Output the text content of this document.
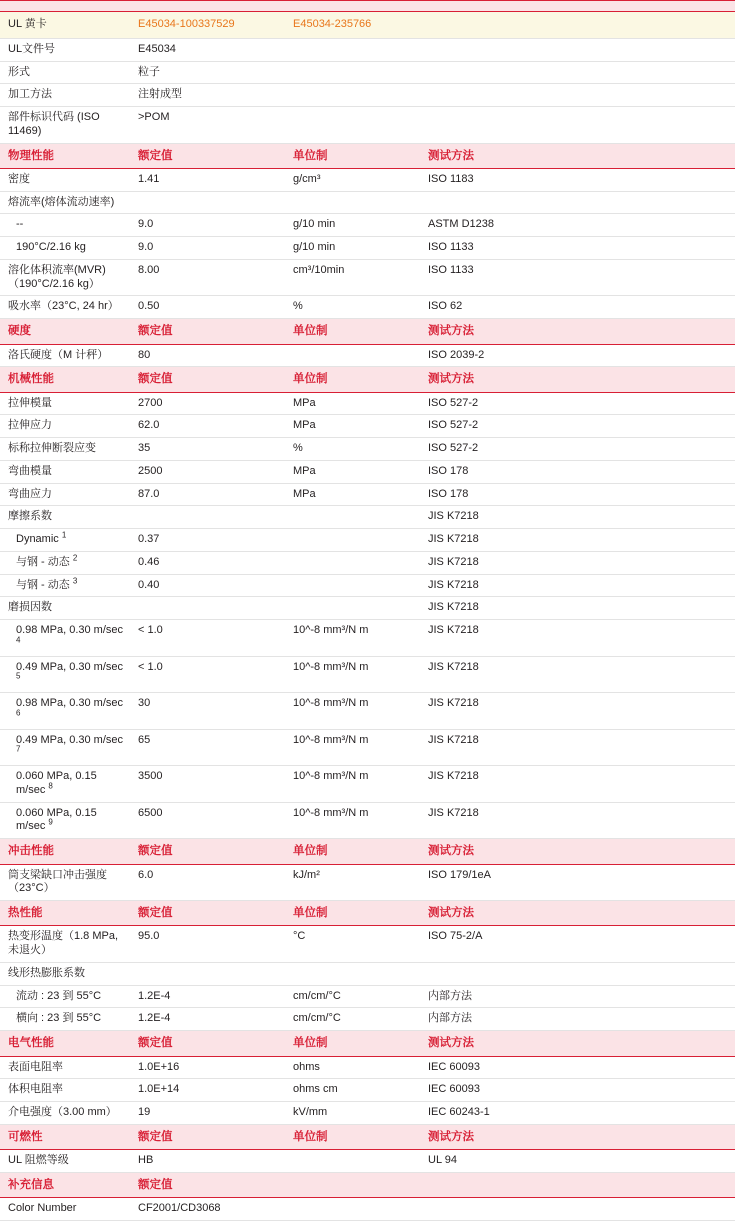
UL 黄卡	E45034-100337529	E45034-235766	
UL文件号	E45034		
形式	粒子		
加工方法	注射成型		
部件标识代码 (ISO 11469)	>POM		
物理性能	额定值	单位制	测试方法
密度	1.41	g/cm³	ISO 1183
熔流率(熔体流动速率)			
--	9.0	g/10 min	ASTM D1238
190°C/2.16 kg	9.0	g/10 min	ISO 1133
溶化体积流率(MVR)（190°C/2.16 kg）	8.00	cm³/10min	ISO 1133
吸水率（23°C, 24 hr）	0.50	%	ISO 62
硬度	额定值	单位制	测试方法
洛氏硬度（M 计秤）	80		ISO 2039-2
机械性能	额定值	单位制	测试方法
拉伸模量	2700	MPa	ISO 527-2
拉伸应力	62.0	MPa	ISO 527-2
标称拉伸断裂应变	35	%	ISO 527-2
弯曲模量	2500	MPa	ISO 178
弯曲应力	87.0	MPa	ISO 178
摩擦系数			JIS K7218
Dynamic $^1$	0.37		JIS K7218
与钢 - 动态 $^2$	0.46		JIS K7218
与钢 - 动态 $^3$	0.40		JIS K7218
磨损因数			JIS K7218
0.98 MPa, 0.30 m/sec $^4$	< 1.0	10^-8 mm³/N m	JIS K7218
0.49 MPa, 0.30 m/sec $^5$	< 1.0	10^-8 mm³/N m	JIS K7218
0.98 MPa, 0.30 m/sec $^6$	30	10^-8 mm³/N m	JIS K7218
0.49 MPa, 0.30 m/sec $^7$	65	10^-8 mm³/N m	JIS K7218
0.060 MPa, 0.15 m/sec $^8$	3500	10^-8 mm³/N m	JIS K7218
0.060 MPa, 0.15 m/sec $^9$	6500	10^-8 mm³/N m	JIS K7218
冲击性能	额定值	单位制	测试方法
筒支梁缺口冲击强度（23°C）	6.0	kJ/m²	ISO 179/1eA
热性能	额定值	单位制	测试方法
热变形温度（1.8 MPa, 未退火）	95.0	°C	ISO 75-2/A
线形热膨胀系数			
流动 : 23 到 55°C	1.2E-4	cm/cm/°C	内部方法
横向 : 23 到 55°C	1.2E-4	cm/cm/°C	内部方法
电气性能	额定值	单位制	测试方法
表面电阻率	1.0E+16	ohms	IEC 60093
体积电阻率	1.0E+14	ohms cm	IEC 60093
介电强度（3.00 mm）	19	kV/mm	IEC 60243-1
可燃性	额定值	单位制	测试方法
UL 阻燃等级	HB		UL 94
补充信息	额定值		
Color Number	CF2001/CD3068		
